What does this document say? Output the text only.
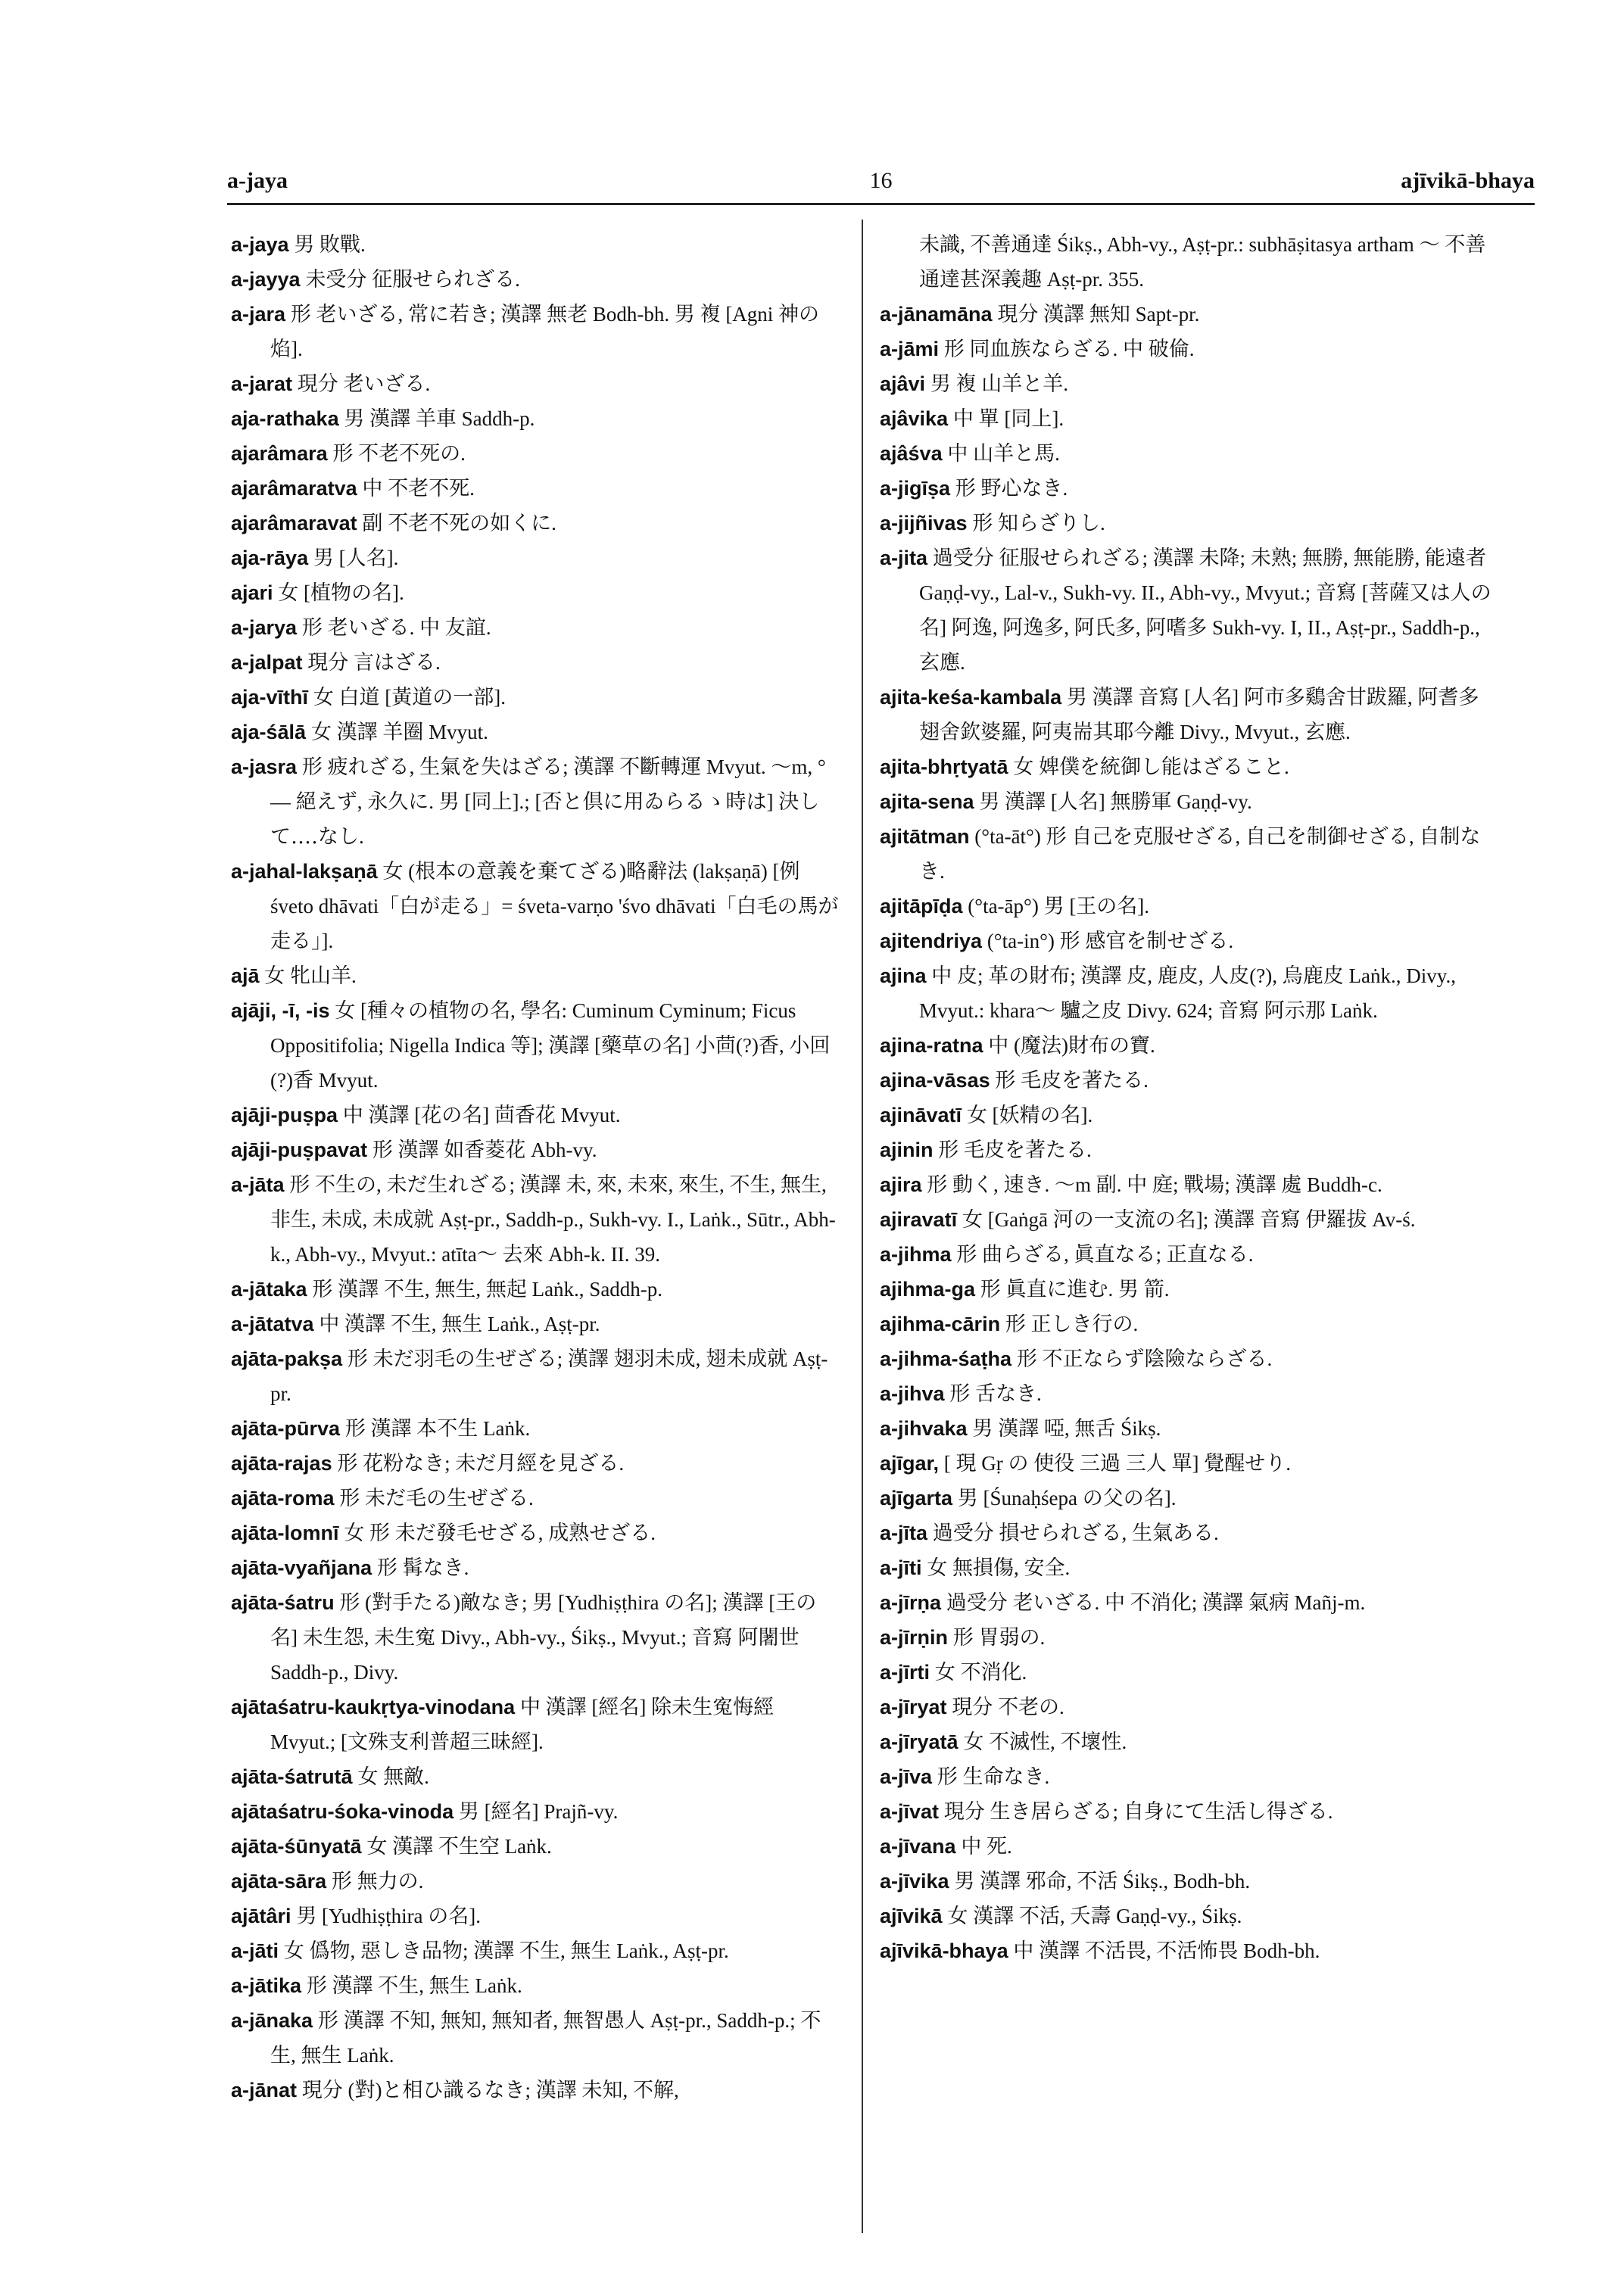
16
a-jaya	ajīvikā-bhaya

a-jaya 男 敗戰.

a-jayya 未受分 征服せられざる.

a-jara 形 老いざる, 常に若き; 漢譯 無老 Bodh-bh. 男 複 [Agni 神の焰].

a-jarat 現分 老いざる.

aja-rathaka 男 漢譯 羊車 Saddh-p.

ajarâmara 形 不老不死の.

ajarâmaratva 中 不老不死.

ajarâmaravat 副 不老不死の如くに.

aja-rāya 男 [人名].

ajari 女 [植物の名].

a-jarya 形 老いざる. 中 友誼.

a-jalpat 現分 言はざる.

aja-vīthī 女 白道 [黃道の一部].

aja-śālā 女 漢譯 羊圈 Mvyut.

a-jasra 形 疲れざる, 生氣を失はざる; 漢譯 不斷轉運 Mvyut. 〜m, °— 絕えず, 永久に. 男 [同上].; [否と倶に用ゐらるゝ時は] 決して‥‥なし.

a-jahal-lakṣaṇā 女 (根本の意義を棄てざる)略辭法 (lakṣaṇā) [例 śveto dhāvati「白が走る」= śveta-varṇo 'śvo dhāvati「白毛の馬が走る」].

ajā 女 牝山羊.

ajāji, -ī, -is 女 [種々の植物の名, 學名: Cuminum Cyminum; Ficus Oppositifolia; Nigella Indica 等]; 漢譯 [藥草の名] 小茴(?)香, 小回(?)香 Mvyut.

ajāji-puṣpa 中 漢譯 [花の名] 茴香花 Mvyut.

ajāji-puṣpavat 形 漢譯 如香菱花 Abh-vy.

a-jāta 形 不生の, 未だ生れざる; 漢譯 未, 來, 未來, 來生, 不生, 無生, 非生, 未成, 未成就 Aṣṭ-pr., Saddh-p., Sukh-vy. I., Laṅk., Sūtr., Abh-k., Abh-vy., Mvyut.: atīta〜 去來 Abh-k. II. 39.

a-jātaka 形 漢譯 不生, 無生, 無起 Laṅk., Saddh-p.

a-jātatva 中 漢譯 不生, 無生 Laṅk., Aṣṭ-pr.

ajāta-pakṣa 形 未だ羽毛の生ぜざる; 漢譯 翅羽未成, 翅未成就 Aṣṭ-pr.

ajāta-pūrva 形 漢譯 本不生 Laṅk.

ajāta-rajas 形 花粉なき; 未だ月經を見ざる.

ajāta-roma 形 未だ毛の生ぜざる.

ajāta-lomnī 女 形 未だ發毛せざる, 成熟せざる.

ajāta-vyañjana 形 髯なき.

ajāta-śatru 形 (對手たる)敵なき; 男 [Yudhiṣṭhira の名]; 漢譯 [王の名] 未生怨, 未生寃 Divy., Abh-vy., Śikṣ., Mvyut.; 音寫 阿闍世 Saddh-p., Divy.

ajātaśatru-kaukṛtya-vinodana 中 漢譯 [經名] 除未生寃悔經 Mvyut.; [文殊支利普超三昧經].

ajāta-śatrutā 女 無敵.

ajātaśatru-śoka-vinoda 男 [經名] Prajñ-vy.

ajāta-śūnyatā 女 漢譯 不生空 Laṅk.

ajāta-sāra 形 無力の.

ajātâri 男 [Yudhiṣṭhira の名].

a-jāti 女 僞物, 惡しき品物; 漢譯 不生, 無生 Laṅk., Aṣṭ-pr.

a-jātika 形 漢譯 不生, 無生 Laṅk.

a-jānaka 形 漢譯 不知, 無知, 無知者, 無智愚人 Aṣṭ-pr., Saddh-p.; 不生, 無生 Laṅk.

a-jānat 現分 (對)と相ひ識るなき; 漢譯 未知, 不解,

未識, 不善通達 Śikṣ., Abh-vy., Aṣṭ-pr.: subhāṣitasya artham 〜 不善通達甚深義趣 Aṣṭ-pr. 355.

a-jānamāna 現分 漢譯 無知 Sapt-pr.

a-jāmi 形 同血族ならざる. 中 破倫.

ajâvi 男 複 山羊と羊.

ajâvika 中 單 [同上].

ajâśva 中 山羊と馬.

a-jigīṣa 形 野心なき.

a-jijñivas 形 知らざりし.

a-jita 過受分 征服せられざる; 漢譯 未降; 未熟; 無勝, 無能勝, 能遠者 Gaṇḍ-vy., Lal-v., Sukh-vy. II., Abh-vy., Mvyut.; 音寫 [菩薩又は人の名] 阿逸, 阿逸多, 阿氏多, 阿嗜多 Sukh-vy. I, II., Aṣṭ-pr., Saddh-p., 玄應.

ajita-keśa-kambala 男 漢譯 音寫 [人名] 阿市多鷄舍甘跋羅, 阿耆多翅舍欽婆羅, 阿夷耑其耶今離 Divy., Mvyut., 玄應.

ajita-bhṛtyatā 女 婢僕を統御し能はざること.

ajita-sena 男 漢譯 [人名] 無勝軍 Gaṇḍ-vy.

ajitātman (°ta-āt°) 形 自己を克服せざる, 自己を制御せざる, 自制なき.

ajitāpīḍa (°ta-āp°) 男 [王の名].

ajitendriya (°ta-in°) 形 感官を制せざる.

ajina 中 皮; 革の財布; 漢譯 皮, 鹿皮, 人皮(?), 烏鹿皮 Laṅk., Divy., Mvyut.: khara〜 驢之皮 Divy. 624; 音寫 阿示那 Laṅk.

ajina-ratna 中 (魔法)財布の寶.

ajina-vāsas 形 毛皮を著たる.

ajināvatī 女 [妖精の名].

ajinin 形 毛皮を著たる.

ajira 形 動く, 速き. 〜m 副. 中 庭; 戰場; 漢譯 處 Buddh-c.

ajiravatī 女 [Gaṅgā 河の一支流の名]; 漢譯 音寫 伊羅拔 Av-ś.

a-jihma 形 曲らざる, 眞直なる; 正直なる.

ajihma-ga 形 眞直に進む. 男 箭.

ajihma-cārin 形 正しき行の.

a-jihma-śaṭha 形 不正ならず陰險ならざる.

a-jihva 形 舌なき.

a-jihvaka 男 漢譯 啞, 無舌 Śikṣ.

ajīgar, [ 現 Gṛ の 使役 三過 三人 單] 覺醒せり.

ajīgarta 男 [Śunaḥśepa の父の名].

a-jīta 過受分 損せられざる, 生氣ある.

a-jīti 女 無損傷, 安全.

a-jīrṇa 過受分 老いざる. 中 不消化; 漢譯 氣病 Mañj-m.

a-jīrṇin 形 胃弱の.

a-jīrti 女 不消化.

a-jīryat 現分 不老の.

a-jīryatā 女 不滅性, 不壞性.

a-jīva 形 生命なき.

a-jīvat 現分 生き居らざる; 自身にて生活し得ざる.

a-jīvana 中 死.

a-jīvika 男 漢譯 邪命, 不活 Śikṣ., Bodh-bh.

ajīvikā 女 漢譯 不活, 夭壽 Gaṇḍ-vy., Śikṣ.

ajīvikā-bhaya 中 漢譯 不活畏, 不活怖畏 Bodh-bh.
